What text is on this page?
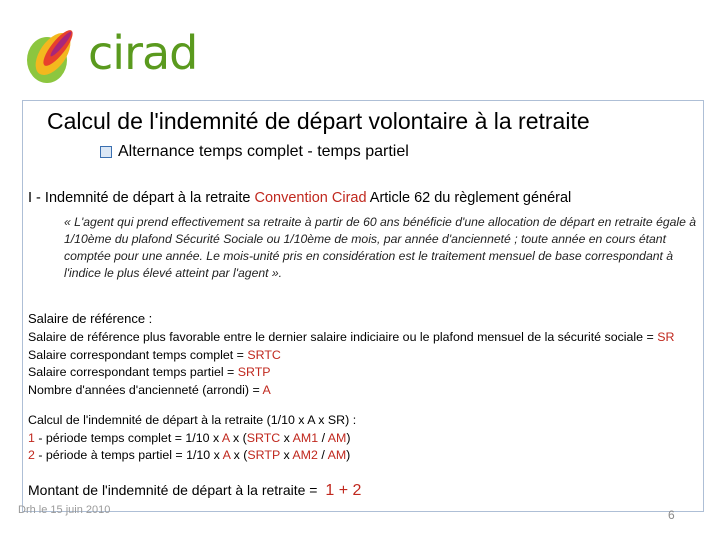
cirad
Calcul de l'indemnité de départ volontaire à la retraite
Alternance temps complet - temps partiel
I - Indemnité de départ à la retraite Convention Cirad Article 62 du règlement général
« L'agent qui prend effectivement sa retraite à partir de 60 ans bénéficie d'une allocation de départ en retraite égale à 1/10ème du plafond Sécurité Sociale ou 1/10ème de mois, par année d'ancienneté ; toute année en cours étant comptée pour une année. Le mois-unité pris en considération est le traitement mensuel de base correspondant à l'indice le plus élevé atteint par l'agent ».
Salaire de référence :
Salaire de référence plus favorable entre le dernier salaire indiciaire ou le plafond mensuel de la sécurité sociale = SR
Salaire correspondant temps complet = SRTC
Salaire correspondant temps partiel = SRTP
Nombre d'années d'ancienneté (arrondi) = A
Calcul de l'indemnité de départ à la retraite (1/10 x A x SR) :
1 - période temps complet = 1/10 x A x (SRTC x AM1 / AM)
2 - période à temps partiel = 1/10 x A x (SRTP x AM2 / AM)
Montant de l'indemnité de départ à la retraite = 1 + 2
Drh le 15 juin 2010	6
